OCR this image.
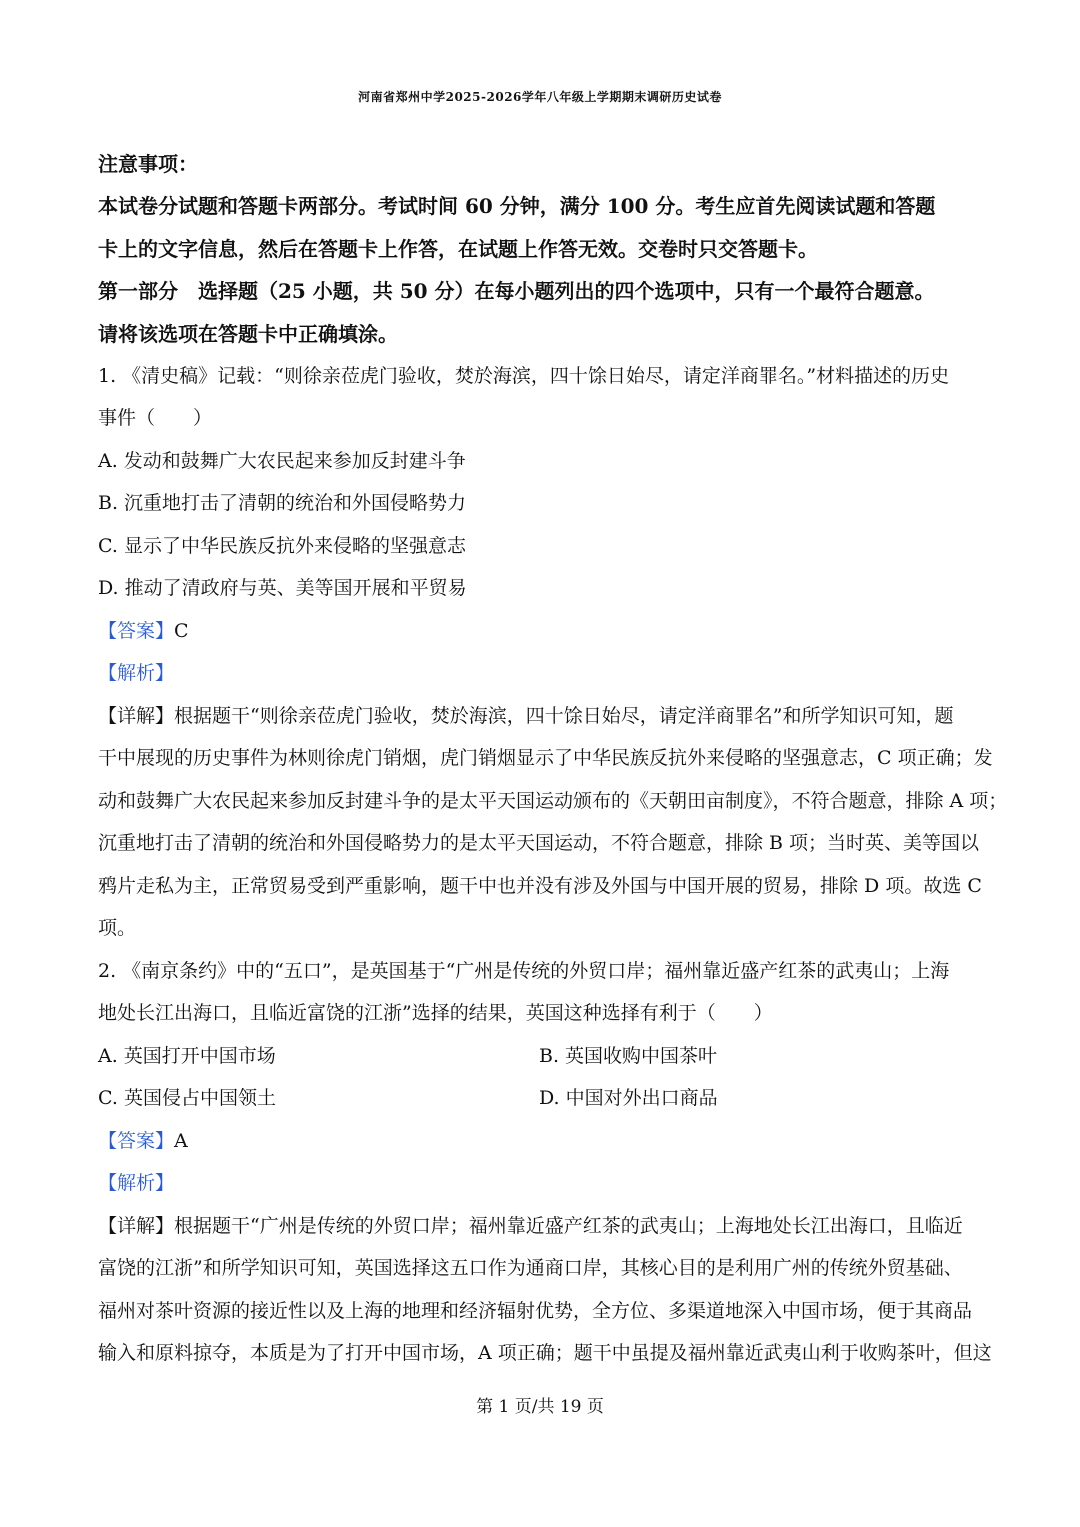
河南省郑州中学2025-2026学年八年级上学期期末调研历史试卷
注意事项：
本试卷分试题和答题卡两部分。考试时间 60 分钟，满分 100 分。考生应首先阅读试题和答题
卡上的文字信息，然后在答题卡上作答，在试题上作答无效。交卷时只交答题卡。
第一部分　选择题（25 小题，共 50 分）在每小题列出的四个选项中，只有一个最符合题意。
请将该选项在答题卡中正确填涂。
1. 《清史稿》记载：“则徐亲莅虎门验收，焚於海滨，四十馀日始尽，请定洋商罪名。”材料描述的历史
事件（　　）
A. 发动和鼓舞广大农民起来参加反封建斗争
B. 沉重地打击了清朝的统治和外国侵略势力
C. 显示了中华民族反抗外来侵略的坚强意志
D. 推动了清政府与英、美等国开展和平贸易
【答案】C
【解析】
【详解】根据题干“则徐亲莅虎门验收，焚於海滨，四十馀日始尽，请定洋商罪名”和所学知识可知，题
干中展现的历史事件为林则徐虎门销烟，虎门销烟显示了中华民族反抗外来侵略的坚强意志，C 项正确；发
动和鼓舞广大农民起来参加反封建斗争的是太平天国运动颁布的《天朝田亩制度》，不符合题意，排除 A 项；
沉重地打击了清朝的统治和外国侵略势力的是太平天国运动，不符合题意，排除 B 项；当时英、美等国以
鸦片走私为主，正常贸易受到严重影响，题干中也并没有涉及外国与中国开展的贸易，排除 D 项。故选 C
项。
2. 《南京条约》中的“五口”，是英国基于“广州是传统的外贸口岸；福州靠近盛产红茶的武夷山；上海
地处长江出海口，且临近富饶的江浙”选择的结果，英国这种选择有利于（　　）
A. 英国打开中国市场	B. 英国收购中国茶叶
C. 英国侵占中国领土	D. 中国对外出口商品
【答案】A
【解析】
【详解】根据题干“广州是传统的外贸口岸；福州靠近盛产红茶的武夷山；上海地处长江出海口，且临近
富饶的江浙”和所学知识可知，英国选择这五口作为通商口岸，其核心目的是利用广州的传统外贸基础、
福州对茶叶资源的接近性以及上海的地理和经济辐射优势，全方位、多渠道地深入中国市场，便于其商品
输入和原料掠夺，本质是为了打开中国市场，A 项正确；题干中虽提及福州靠近武夷山利于收购茶叶，但这
第 1 页/共 19 页
